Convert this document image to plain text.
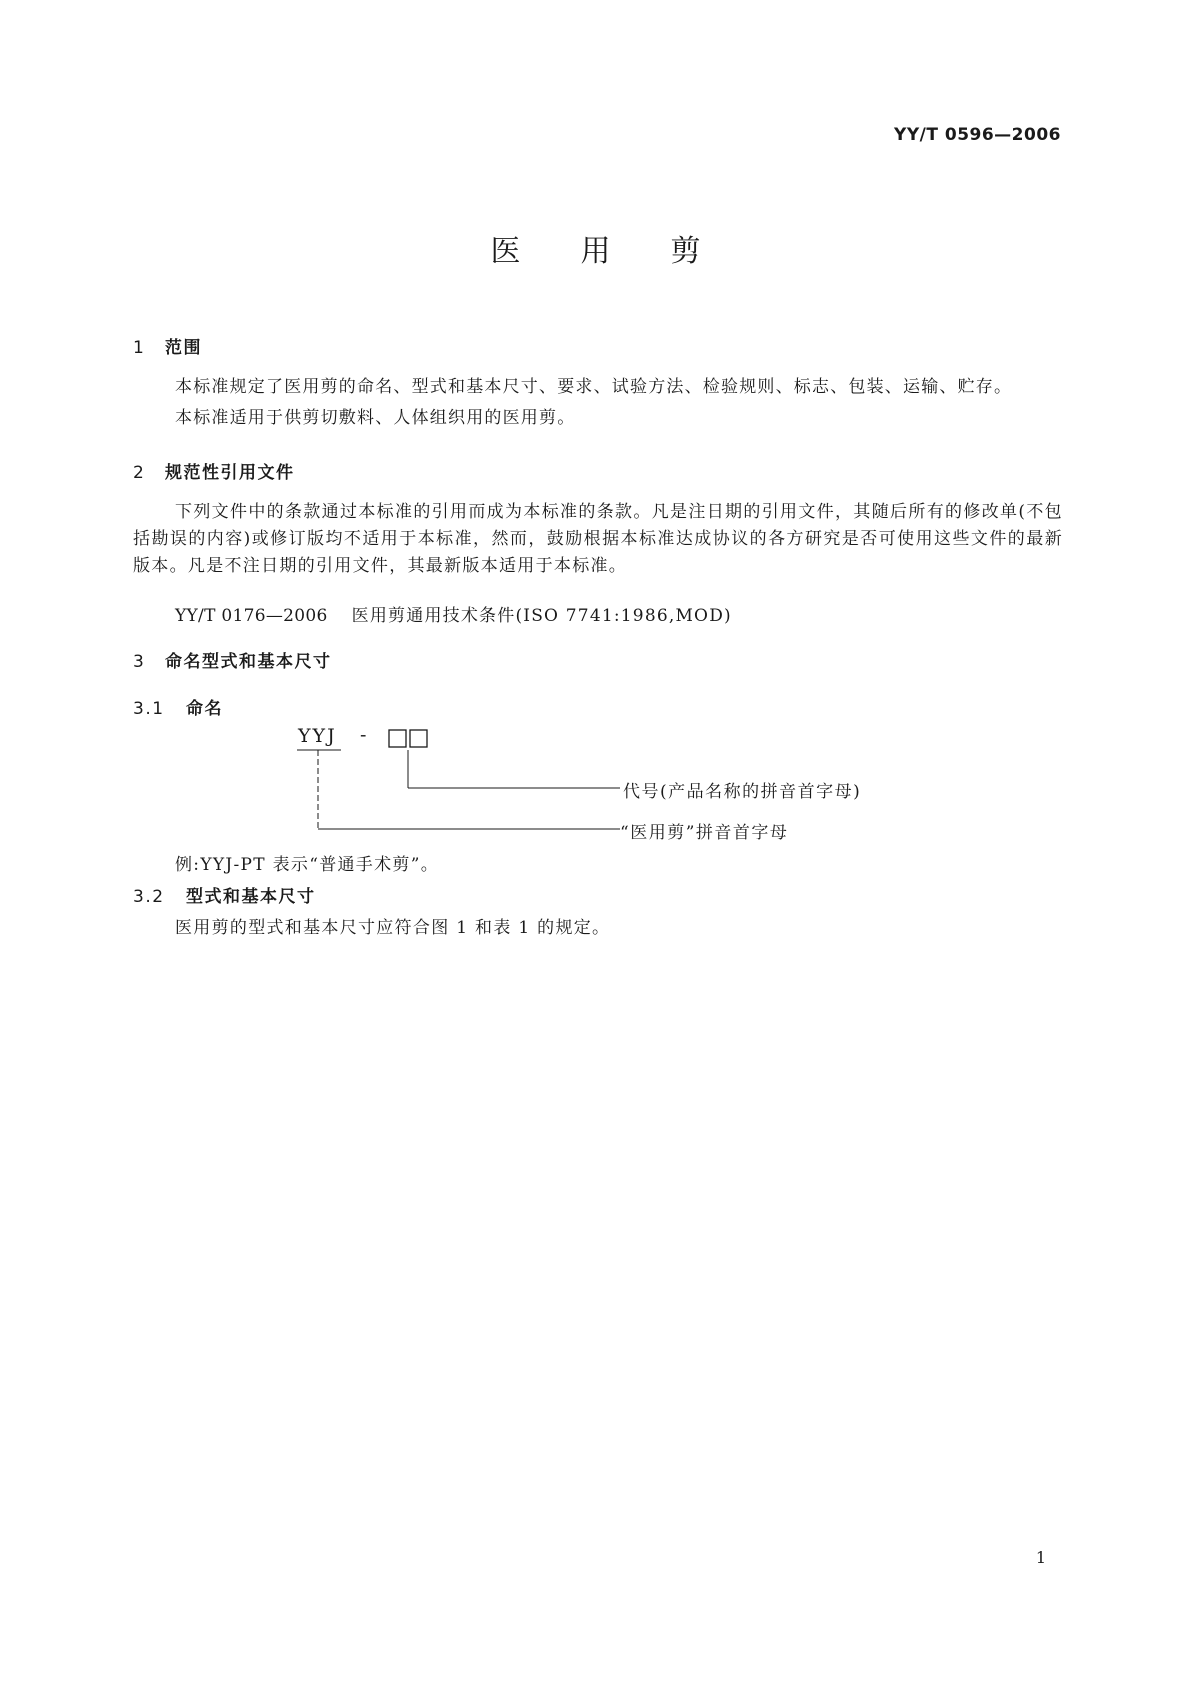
YY/T 0596—2006
医用剪
1 范围
本标准规定了医用剪的命名、型式和基本尺寸、要求、试验方法、检验规则、标志、包装、运输、贮存。
本标准适用于供剪切敷料、人体组织用的医用剪。
2 规范性引用文件
下列文件中的条款通过本标准的引用而成为本标准的条款。凡是注日期的引用文件，其随后所有的修改单(不包括勘误的内容)或修订版均不适用于本标准，然而，鼓励根据本标准达成协议的各方研究是否可使用这些文件的最新版本。凡是不注日期的引用文件，其最新版本适用于本标准。
YY/T 0176—2006 医用剪通用技术条件(ISO 7741:1986,MOD)
3 命名型式和基本尺寸
3.1 命名
YYJ -
代号(产品名称的拼音首字母)
“医用剪”拼音首字母
例:YYJ-PT 表示“普通手术剪”。
3.2 型式和基本尺寸
医用剪的型式和基本尺寸应符合图 1 和表 1 的规定。
1
